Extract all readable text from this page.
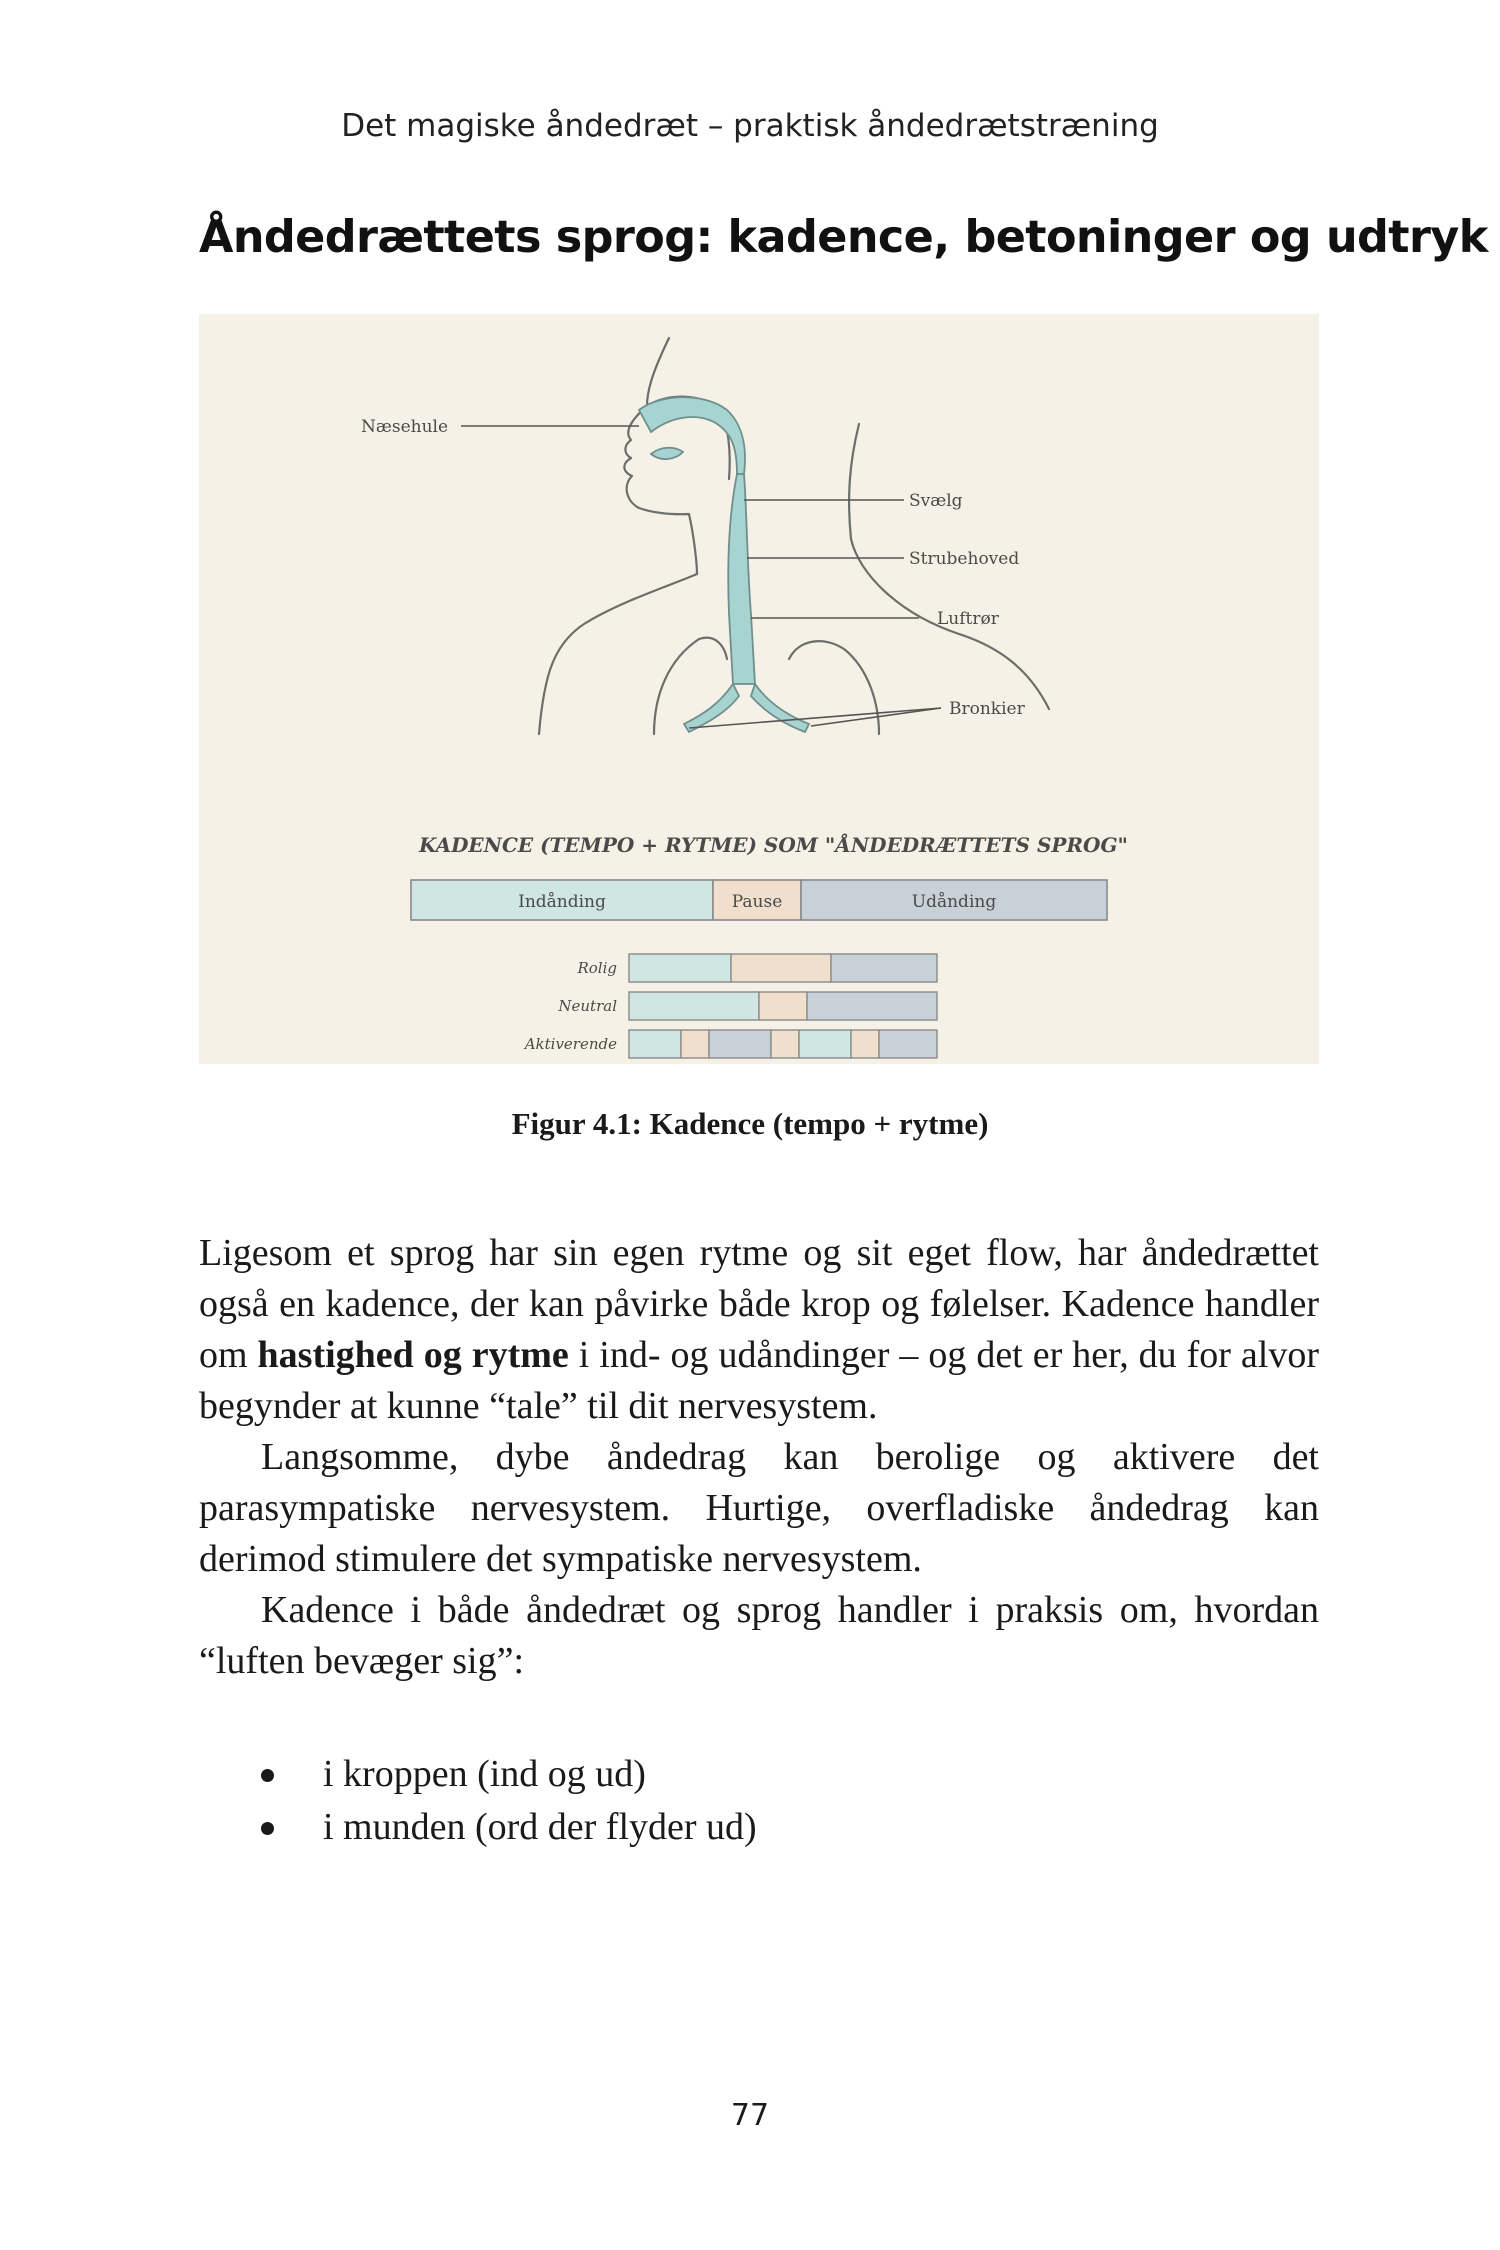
Det magiske åndedræt – praktisk åndedrætstræning
Åndedrættets sprog: kadence, betoninger og udtryk
Næsehule
Svælg
Strubehoved
Luftrør
Bronkier
KADENCE (TEMPO + RYTME) SOM "ÅNDEDRÆTTETS SPROG"
Indånding	Pause	Udånding
Rolig
Neutral
Aktiverende
Figur 4.1: Kadence (tempo + rytme)

Ligesom et sprog har sin egen rytme og sit eget flow, har åndedrættet også en kadence, der kan påvirke både krop og følelser. Kadence handler om hastighed og rytme i ind- og udåndinger – og det er her, du for alvor begynder at kunne “tale” til dit nervesystem.

Langsomme, dybe åndedrag kan berolige og aktivere det parasympatiske nervesystem. Hurtige, overfladiske åndedrag kan derimod stimulere det sympatiske nervesystem.

Kadence i både åndedræt og sprog handler i praksis om, hvordan “luften bevæger sig”:

i kroppen (ind og ud)
i munden (ord der flyder ud)
77
